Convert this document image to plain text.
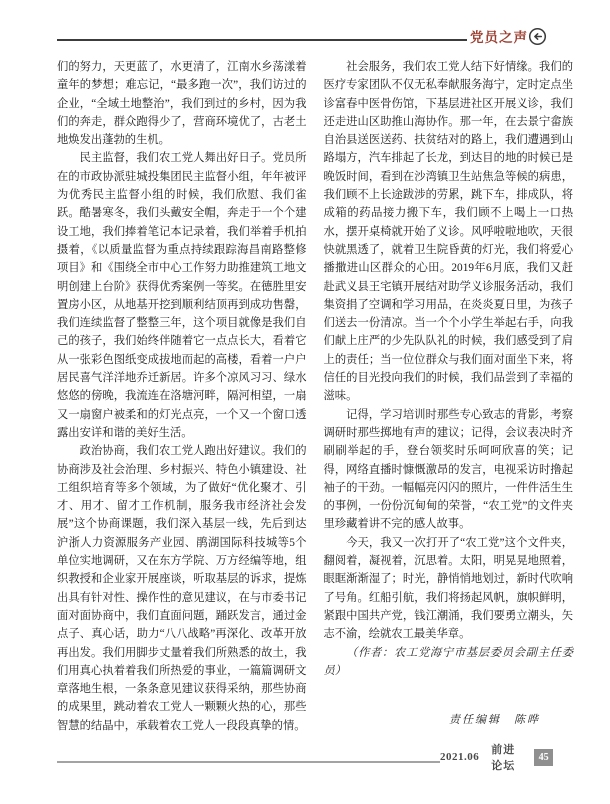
党员之声

们的努力，天更蓝了，水更清了，江南水乡荡漾着童年的梦想；难忘记，“最多跑一次”，我们访过的企业，“全域土地整治”，我们到过的乡村，因为我们的奔走，群众跑得少了，营商环境优了，古老土地焕发出蓬勃的生机。

民主监督，我们农工党人舞出好日子。党员所在的市政协派驻城投集团民主监督小组，年年被评为优秀民主监督小组的时候，我们欣慰、我们雀跃。酷暑寒冬，我们头戴安全帽，奔走于一个个建设工地，我们捧着笔记本记录着，我们举着手机拍摄着，《以质量监督为重点持续跟踪海昌南路整修项目》和《围绕全市中心工作努力助推建筑工地文明创建上台阶》获得优秀案例一等奖。在德胜里安置房小区，从地基开挖到顺利结顶再到成功售罄，我们连续监督了整整三年，这个项目就像是我们自己的孩子，我们始终伴随着它一点点长大，看着它从一张彩色图纸变成拔地而起的高楼，看着一户户居民喜气洋洋地乔迁新居。许多个凉风习习、绿水悠悠的傍晚，我流连在洛塘河畔，隔河相望，一扇又一扇窗户被柔和的灯光点亮，一个又一个窗口透露出安详和谐的美好生活。

政治协商，我们农工党人跑出好建议。我们的协商涉及社会治理、乡村振兴、特色小镇建设、社工组织培育等多个领域，为了做好“优化聚才、引才、用才、留才工作机制，服务我市经济社会发展”这个协商课题，我们深入基层一线，先后到达沪浙人力资源服务产业园、鹃湖国际科技城等5个单位实地调研，又在东方学院、万方经编等地，组织教授和企业家开展座谈，听取基层的诉求，提炼出具有针对性、操作性的意见建议，在与市委书记面对面协商中，我们直面问题，踊跃发言，通过金点子、真心话，助力“八八战略”再深化、改革开放再出发。我们用脚步丈量着我们所熟悉的故土，我们用真心执着着我们所热爱的事业，一篇篇调研文章落地生根，一条条意见建议获得采纳，那些协商的成果里，跳动着农工党人一颗颗火热的心，那些智慧的结晶中，承载着农工党人一段段真挚的情。

社会服务，我们农工党人结下好情缘。我们的医疗专家团队不仅无私奉献服务海宁，定时定点坐诊富春中医骨伤馆，下基层进社区开展义诊，我们还走进山区助推山海协作。那一年，在去景宁畲族自治县送医送药、扶贫结对的路上，我们遭遇到山路塌方，汽车排起了长龙，到达目的地的时候已是晚饭时间，看到在沙湾镇卫生站焦急等候的病患，我们顾不上长途跋涉的劳累，跳下车，排成队，将成箱的药品接力搬下车，我们顾不上喝上一口热水，摆开桌椅就开始了义诊。风呼啦啦地吹，天很快就黑透了，就着卫生院昏黄的灯光，我们将爱心播撒进山区群众的心田。2019年6月底，我们又赶赴武义县王宅镇开展结对助学义诊服务活动，我们集资捐了空调和学习用品，在炎炎夏日里，为孩子们送去一份清凉。当一个个小学生举起右手，向我们献上庄严的少先队队礼的时候，我们感受到了肩上的责任；当一位位群众与我们面对面坐下来，将信任的目光投向我们的时候，我们品尝到了幸福的滋味。

记得，学习培训时那些专心致志的背影，考察调研时那些掷地有声的建议；记得，会议表决时齐刷刷举起的手，登台领奖时乐呵呵欣喜的笑；记得，网络直播时慷慨激昂的发言，电视采访时撸起袖子的干劲。一幅幅亮闪闪的照片，一件件活生生的事例，一份份沉甸甸的荣誉，“农工党”的文件夹里珍藏着讲不完的感人故事。

今天，我又一次打开了“农工党”这个文件夹，翻阅着，凝视着，沉思着。太阳，明晃晃地照着，眼眶渐渐湿了；时光，静悄悄地划过，新时代吹响了号角。红船引航，我们将扬起风帆，旗帜鲜明，紧跟中国共产党，钱江潮涌，我们要勇立潮头，矢志不渝，绘就农工最美华章。

（作者：农工党海宁市基层委员会副主任委员）

责任编辑　陈晔
2021.06
前进论坛
45
